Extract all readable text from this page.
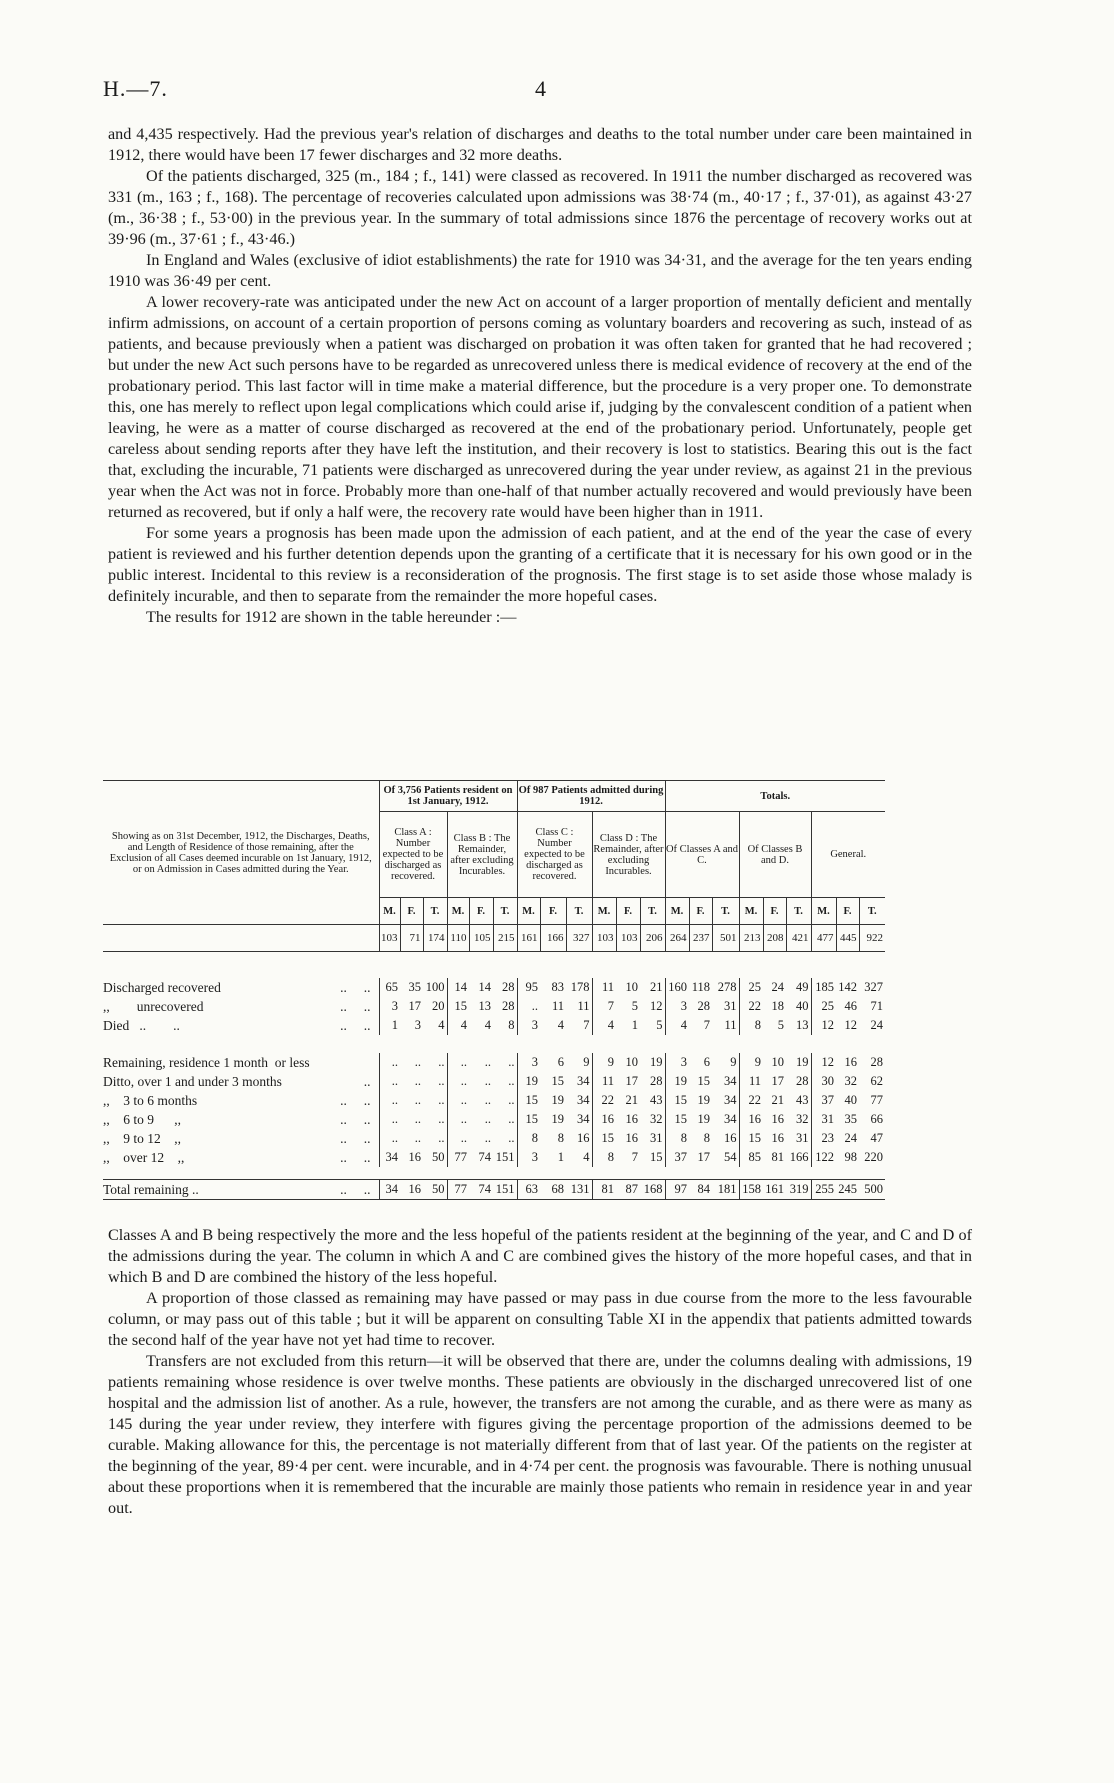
H.—7.	4

and 4,435 respectively. Had the previous year's relation of discharges and deaths to the total number under care been maintained in 1912, there would have been 17 fewer discharges and 32 more deaths.

Of the patients discharged, 325 (m., 184 ; f., 141) were classed as recovered. In 1911 the number discharged as recovered was 331 (m., 163 ; f., 168). The percentage of recoveries calculated upon admissions was 38·74 (m., 40·17 ; f., 37·01), as against 43·27 (m., 36·38 ; f., 53·00) in the previous year. In the summary of total admissions since 1876 the percentage of recovery works out at 39·96 (m., 37·61 ; f., 43·46.)

In England and Wales (exclusive of idiot establishments) the rate for 1910 was 34·31, and the average for the ten years ending 1910 was 36·49 per cent.

A lower recovery-rate was anticipated under the new Act on account of a larger proportion of mentally deficient and mentally infirm admissions, on account of a certain proportion of persons coming as voluntary boarders and recovering as such, instead of as patients, and because previously when a patient was discharged on probation it was often taken for granted that he had recovered ; but under the new Act such persons have to be regarded as unrecovered unless there is medical evidence of recovery at the end of the probationary period. This last factor will in time make a material difference, but the procedure is a very proper one. To demonstrate this, one has merely to reflect upon legal complications which could arise if, judging by the convalescent condition of a patient when leaving, he were as a matter of course discharged as recovered at the end of the probationary period. Unfortunately, people get careless about sending reports after they have left the institution, and their recovery is lost to statistics. Bearing this out is the fact that, excluding the incurable, 71 patients were discharged as unrecovered during the year under review, as against 21 in the previous year when the Act was not in force. Probably more than one-half of that number actually recovered and would previously have been returned as recovered, but if only a half were, the recovery rate would have been higher than in 1911.

For some years a prognosis has been made upon the admission of each patient, and at the end of the year the case of every patient is reviewed and his further detention depends upon the granting of a certificate that it is necessary for his own good or in the public interest. Incidental to this review is a reconsideration of the prognosis. The first stage is to set aside those whose malady is definitely incurable, and then to separate from the remainder the more hopeful cases.

The results for 1912 are shown in the table hereunder :—

Showing as on 31st December, 1912, the Discharges, Deaths, and Length of Residence of those remaining, after the Exclusion of all Cases deemed incurable on 1st January, 1912, or on Admission in Cases admitted during the Year.	Of 3,756 Patients resident on 1st January, 1912.						Of 987 Patients admitted during 1912.						Totals.								
	Class A : Number expected to be discharged as recovered.			Class B : The Remainder, after excluding Incurables.			Class C : Number expected to be discharged as recovered.			Class D : The Remainder, after excluding Incurables.			Of Classes A and C.			Of Classes B and D.			General.		
	M.	F.	T.	M.	F.	T.	M.	F.	T.	M.	F.	T.	M.	F.	T.	M.	F.	T.	M.	F.	T.
	103	71	174	110	105	215	161	166	327	103	103	206	264	237	501	213	208	421	477	445	922

Discharged recovered ..     ..	65	35	100	14	14	28	95	83	178	11	10	21	160	118	278	25	24	49	185	142	327
,,        unrecovered ..     ..	3	17	20	15	13	28	..	11	11	7	5	12	3	28	31	22	18	40	25	46	71
Died   ..        .. ..     ..	1	3	4	4	4	8	3	4	7	4	1	5	4	7	11	8	5	13	12	12	24

Remaining, residence 1 month  or less	..	..	..	..	..	..	3	6	9	9	10	19	3	6	9	9	10	19	12	16	28
Ditto, over 1 and under 3 months ..	..	..	..	..	..	..	19	15	34	11	17	28	19	15	34	11	17	28	30	32	62
,,    3 to 6 months ..     ..	..	..	..	..	..	..	15	19	34	22	21	43	15	19	34	22	21	43	37	40	77
,,    6 to 9      ,, ..     ..	..	..	..	..	..	..	15	19	34	16	16	32	15	19	34	16	16	32	31	35	66
,,    9 to 12    ,, ..     ..	..	..	..	..	..	..	8	8	16	15	16	31	8	8	16	15	16	31	23	24	47
,,    over 12    ,, ..     ..	34	16	50	77	74	151	3	1	4	8	7	15	37	17	54	85	81	166	122	98	220

Total remaining .. ..     ..	34	16	50	77	74	151	63	68	131	81	87	168	97	84	181	158	161	319	255	245	500

Classes A and B being respectively the more and the less hopeful of the patients resident at the beginning of the year, and C and D of the admissions during the year. The column in which A and C are combined gives the history of the more hopeful cases, and that in which B and D are combined the history of the less hopeful.

A proportion of those classed as remaining may have passed or may pass in due course from the more to the less favourable column, or may pass out of this table ; but it will be apparent on consulting Table XI in the appendix that patients admitted towards the second half of the year have not yet had time to recover.

Transfers are not excluded from this return—it will be observed that there are, under the columns dealing with admissions, 19 patients remaining whose residence is over twelve months. These patients are obviously in the discharged unrecovered list of one hospital and the admission list of another. As a rule, however, the transfers are not among the curable, and as there were as many as 145 during the year under review, they interfere with figures giving the percentage proportion of the admissions deemed to be curable. Making allowance for this, the percentage is not materially different from that of last year. Of the patients on the register at the beginning of the year, 89·4 per cent. were incurable, and in 4·74 per cent. the prognosis was favourable. There is nothing unusual about these proportions when it is remembered that the incurable are mainly those patients who remain in residence year in and year out.
